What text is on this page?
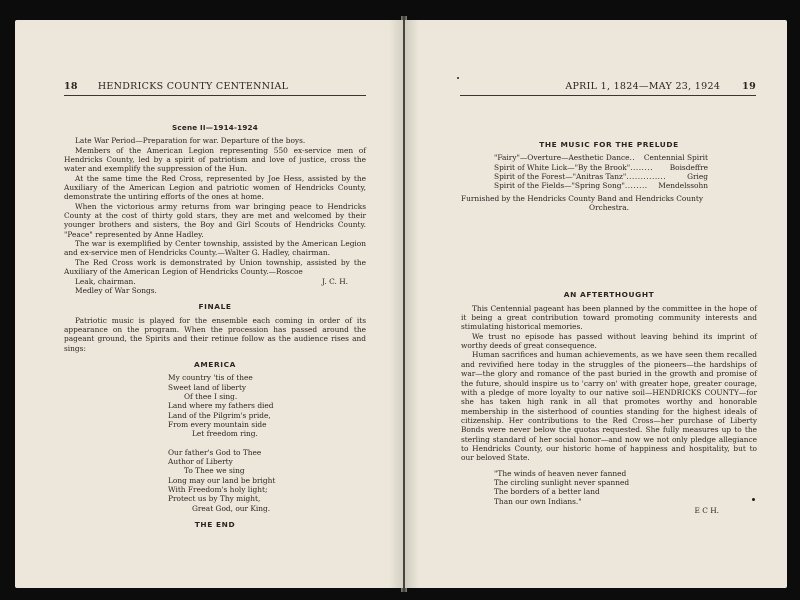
18 HENDRICKS COUNTY CENTENNIAL
Scene II—1914-1924

Late War Period—Preparation for war. Departure of the boys.

Members of the American Legion representing 550 ex-service men of Hendricks County, led by a spirit of patriotism and love of justice, cross the water and exemplify the suppression of the Hun.

At the same time the Red Cross, represented by Joe Hess, assisted by the Auxiliary of the American Legion and patriotic women of Hendricks County, demonstrate the untiring efforts of the ones at home.

When the victorious army returns from war bringing peace to Hendricks County at the cost of thirty gold stars, they are met and welcomed by their younger brothers and sisters, the Boy and Girl Scouts of Hendricks County. "Peace" represented by Anne Hadley.

The war is exemplified by Center township, assisted by the American Legion and ex-service men of Hendricks County.—Walter G. Hadley, chairman.

The Red Cross work is demonstrated by Union township, assisted by the Auxiliary of the American Legion of Hendricks County.—Roscoe

Leak, chairman.	J. C. H.

Medley of War Songs.

FINALE

Patriotic music is played for the ensemble each coming in order of its appearance on the program. When the procession has passed around the pageant ground, the Spirits and their retinue follow as the audience rises and sings:

AMERICA
My country 'tis of thee
Sweet land of liberty
Of thee I sing.
Land where my fathers died
Land of the Pilgrim's pride,
From every mountain side
Let freedom ring.
Our father's God to Thee
Author of Liberty
To Thee we sing
Long may our land be bright
With Freedom's holy light;
Protect us by Thy might,
Great God, our King.
THE END
APRIL 1, 1824—MAY 23, 1924 19
THE MUSIC FOR THE PRELUDE
"Fairy"—Overture—Aesthetic Dance ..	Centennial Spirit
Spirit of White Lick—"By the Brook" ........	Boisdeffre
Spirit of the Forest—"Anitras Tanz" ..............	Grieg
Spirit of the Fields—"Spring Song" ........	Mendelssohn

Furnished by the Hendricks County Band and Hendricks County

Orchestra.

AN AFTERTHOUGHT

This Centennial pageant has been planned by the committee in the hope of it being a great contribution toward promoting community interests and stimulating historical memories.

We trust no episode has passed without leaving behind its imprint of worthy deeds of great consequence.

Human sacrifices and human achievements, as we have seen them recalled and revivified here today in the struggles of the pioneers—the hardships of war—the glory and romance of the past buried in the growth and promise of the future, should inspire us to 'carry on' with greater hope, greater courage, with a pledge of more loyalty to our native soil—HENDRICKS COUNTY—for she has taken high rank in all that promotes worthy and honorable membership in the sisterhood of counties standing for the highest ideals of citizenship. Her contributions to the Red Cross—her purchase of Liberty Bonds were never below the quotas requested. She fully measures up to the sterling standard of her social honor—and now we not only pledge allegiance to Hendricks County, our historic home of happiness and hospitality, but to our beloved State.

"The winds of heaven never fanned
The circling sunlight never spanned
The borders of a better land
Than our own Indians."

E C H.
